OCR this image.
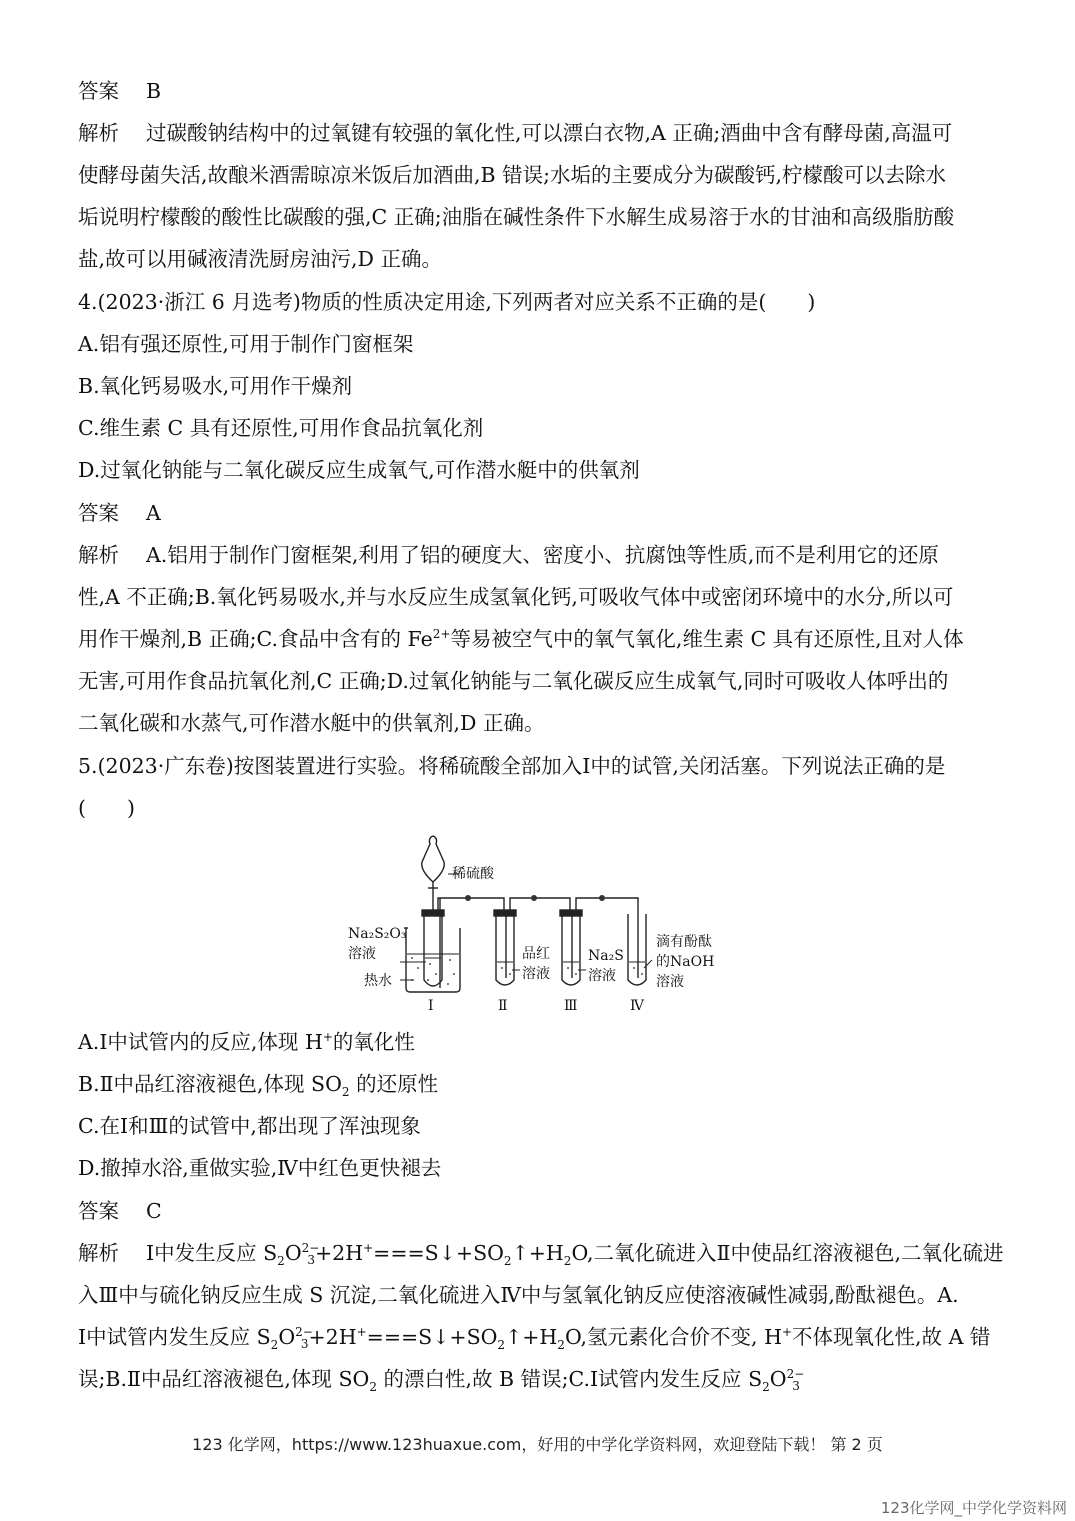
答案 B
解析 过碳酸钠结构中的过氧键有较强的氧化性,可以漂白衣物,A 正确;酒曲中含有酵母菌,高温可
使酵母菌失活,故酿米酒需晾凉米饭后加酒曲,B 错误;水垢的主要成分为碳酸钙,柠檬酸可以去除水
垢说明柠檬酸的酸性比碳酸的强,C 正确;油脂在碱性条件下水解生成易溶于水的甘油和高级脂肪酸
盐,故可以用碱液清洗厨房油污,D 正确。
4.(2023·浙江 6 月选考)物质的性质决定用途,下列两者对应关系不正确的是(　　)
A.铝有强还原性,可用于制作门窗框架
B.氧化钙易吸水,可用作干燥剂
C.维生素 C 具有还原性,可用作食品抗氧化剂
D.过氧化钠能与二氧化碳反应生成氧气,可作潜水艇中的供氧剂
答案 A
解析 A.铝用于制作门窗框架,利用了铝的硬度大、密度小、抗腐蚀等性质,而不是利用它的还原
性,A 不正确;B.氧化钙易吸水,并与水反应生成氢氧化钙,可吸收气体中或密闭环境中的水分,所以可
用作干燥剂,B 正确;C.食品中含有的 $Fe^{2+}$等易被空气中的氧气氧化,维生素 C 具有还原性,且对人体
无害,可用作食品抗氧化剂,C 正确;D.过氧化钠能与二氧化碳反应生成氧气,同时可吸收人体呼出的
二氧化碳和水蒸气,可作潜水艇中的供氧剂,D 正确。
5.(2023·广东卷)按图装置进行实验。将稀硫酸全部加入Ⅰ中的试管,关闭活塞。下列说法正确的是
(　　)
稀硫酸
Na₂S₂O₃
溶液
热水
品红
溶液
Na₂S
溶液
滴有酚酞
的NaOH
溶液
Ⅰ	Ⅱ	Ⅲ	Ⅳ
A.Ⅰ中试管内的反应,体现 H+的氧化性
B.Ⅱ中品红溶液褪色,体现 $SO_2$ 的还原性
C.在Ⅰ和Ⅲ的试管中,都出现了浑浊现象
D.撤掉水浴,重做实验,Ⅳ中红色更快褪去
答案 C
解析 Ⅰ中发生反应 $S_2O^{2-}3+2H^+===S↓+SO_2↑+H_2O$,二氧化硫进入Ⅱ中使品红溶液褪色,二氧化硫进
入Ⅲ中与硫化钠反应生成 S 沉淀,二氧化硫进入Ⅳ中与氢氧化钠反应使溶液碱性减弱,酚酞褪色。A.
Ⅰ中试管内发生反应 $S_2O^{2-}3+2H^+===S↓+SO_2↑+H_2O$,氢元素化合价不变, H+不体现氧化性,故 A 错
误;B.Ⅱ中品红溶液褪色,体现 $SO_2$ 的漂白性,故 B 错误;C.Ⅰ试管内发生反应 $S_2O^{2-}3$
123 化学网，https://www.123huaxue.com，好用的中学化学资料网，欢迎登陆下载！ 第 2 页
123化学网_中学化学资料网
